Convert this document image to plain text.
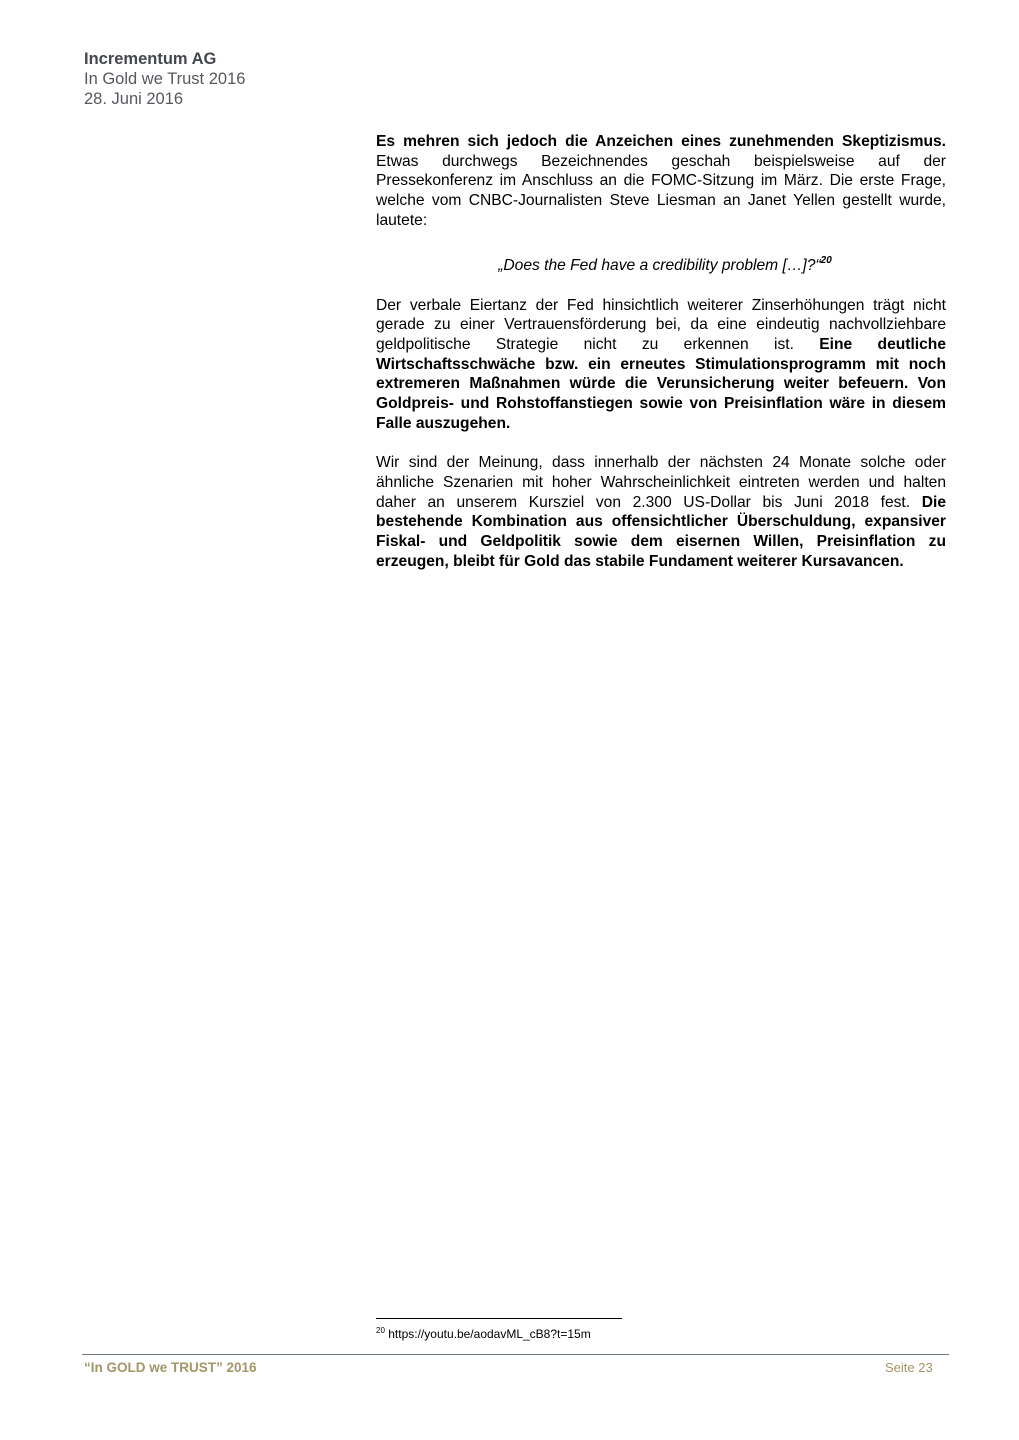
Incrementum AG
In Gold we Trust 2016
28. Juni 2016

Es mehren sich jedoch die Anzeichen eines zunehmenden Skeptizismus. Etwas durchwegs Bezeichnendes geschah beispielsweise auf der Pressekonferenz im Anschluss an die FOMC-Sitzung im März. Die erste Frage, welche vom CNBC-Journalisten Steve Liesman an Janet Yellen gestellt wurde, lautete:

„Does the Fed have a credibility problem […]?“$^{20}$

Der verbale Eiertanz der Fed hinsichtlich weiterer Zinserhöhungen trägt nicht gerade zu einer Vertrauensförderung bei, da eine eindeutig nachvollziehbare geldpolitische Strategie nicht zu erkennen ist. Eine deutliche Wirtschaftsschwäche bzw. ein erneutes Stimulationsprogramm mit noch extremeren Maßnahmen würde die Verunsicherung weiter befeuern. Von Goldpreis- und Rohstoffanstiegen sowie von Preisinflation wäre in diesem Falle auszugehen.

Wir sind der Meinung, dass innerhalb der nächsten 24 Monate solche oder ähnliche Szenarien mit hoher Wahrscheinlichkeit eintreten werden und halten daher an unserem Kursziel von 2.300 US-Dollar bis Juni 2018 fest. Die bestehende Kombination aus offensichtlicher Überschuldung, expansiver Fiskal- und Geldpolitik sowie dem eisernen Willen, Preisinflation zu erzeugen, bleibt für Gold das stabile Fundament weiterer Kursavancen.

$^{20}$ https://youtu.be/aodavML_cB8?t=15m
“In GOLD we TRUST” 2016	Seite 23
